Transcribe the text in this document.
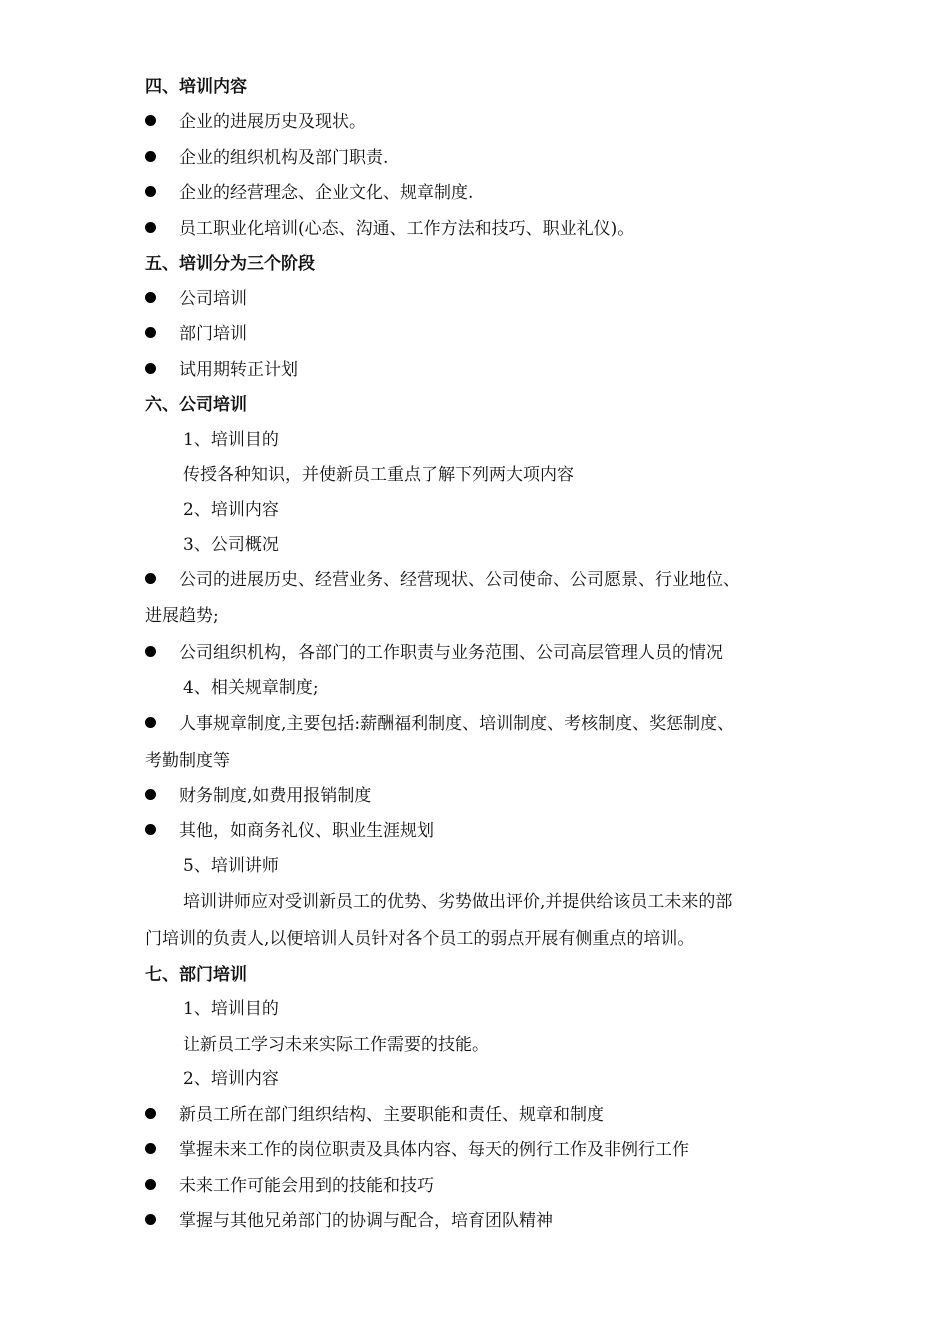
四、培训内容
企业的进展历史及现状。
企业的组织机构及部门职责.
企业的经营理念、企业文化、规章制度.
员工职业化培训(心态、沟通、工作方法和技巧、职业礼仪)。
五、培训分为三个阶段
公司培训
部门培训
试用期转正计划
六、公司培训
1、培训目的
传授各种知识，并使新员工重点了解下列两大项内容
2、培训内容
3、公司概况
公司的进展历史、经营业务、经营现状、公司使命、公司愿景、行业地位、
进展趋势;
公司组织机构，各部门的工作职责与业务范围、公司高层管理人员的情况
4、相关规章制度;
人事规章制度,主要包括:薪酬福利制度、培训制度、考核制度、奖惩制度、
考勤制度等
财务制度,如费用报销制度
其他，如商务礼仪、职业生涯规划
5、培训讲师
培训讲师应对受训新员工的优势、劣势做出评价,并提供给该员工未来的部
门培训的负责人,以便培训人员针对各个员工的弱点开展有侧重点的培训。
七、部门培训
1、培训目的
让新员工学习未来实际工作需要的技能。
2、培训内容
新员工所在部门组织结构、主要职能和责任、规章和制度
掌握未来工作的岗位职责及具体内容、每天的例行工作及非例行工作
未来工作可能会用到的技能和技巧
掌握与其他兄弟部门的协调与配合，培育团队精神
